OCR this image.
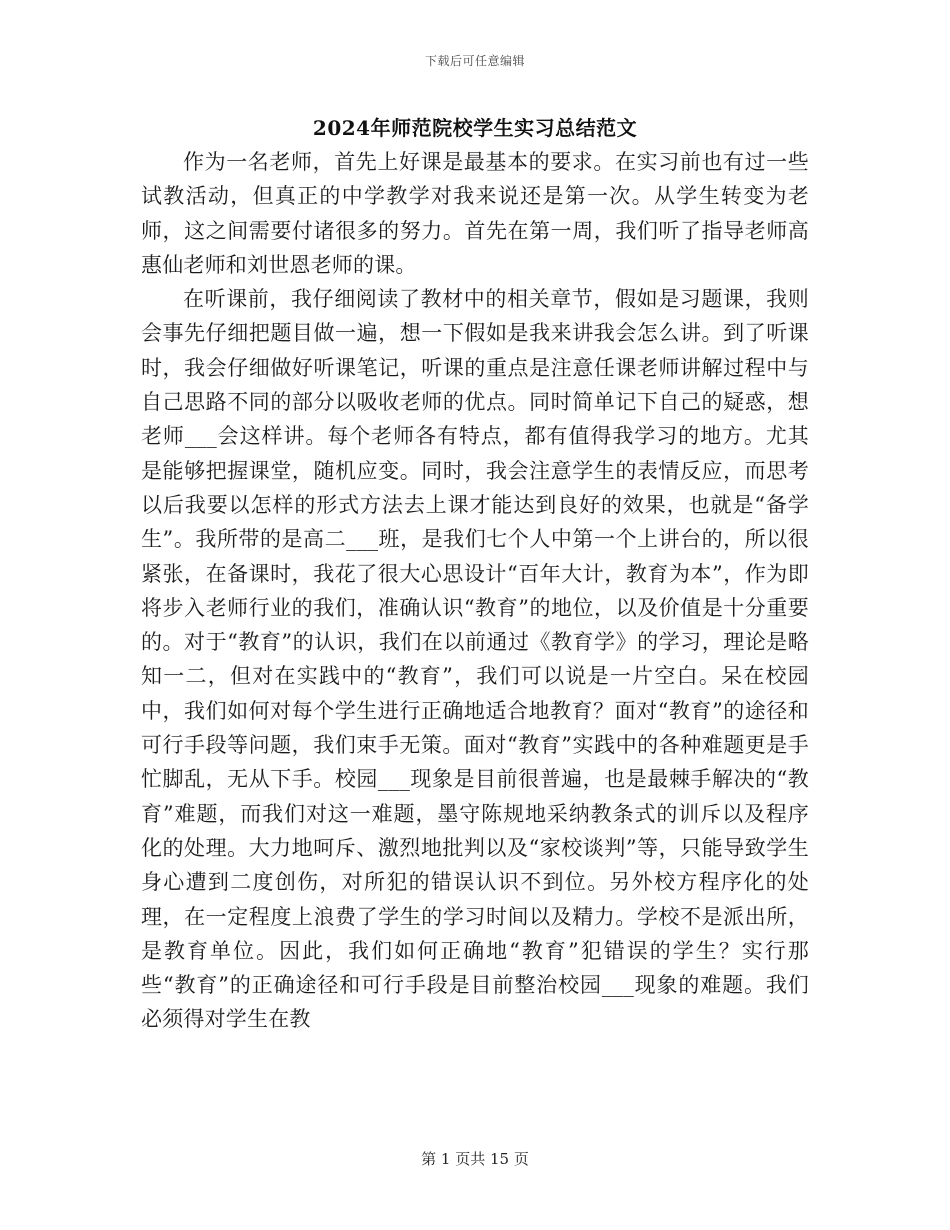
下载后可任意编辑
2024年师范院校学生实习总结范文

作为一名老师，首先上好课是最基本的要求。在实习前也有过一些试教活动，但真正的中学教学对我来说还是第一次。从学生转变为老师，这之间需要付诸很多的努力。首先在第一周，我们听了指导老师高惠仙老师和刘世恩老师的课。

在听课前，我仔细阅读了教材中的相关章节，假如是习题课，我则会事先仔细把题目做一遍，想一下假如是我来讲我会怎么讲。到了听课时，我会仔细做好听课笔记，听课的重点是注意任课老师讲解过程中与自己思路不同的部分以吸收老师的优点。同时简单记下自己的疑惑，想老师___会这样讲。每个老师各有特点，都有值得我学习的地方。尤其是能够把握课堂，随机应变。同时，我会注意学生的表情反应，而思考以后我要以怎样的形式方法去上课才能达到良好的效果，也就是“备学生”。我所带的是高二___班，是我们七个人中第一个上讲台的，所以很紧张，在备课时，我花了很大心思设计“百年大计，教育为本”，作为即将步入老师行业的我们，准确认识“教育”的地位，以及价值是十分重要的。对于“教育”的认识，我们在以前通过《教育学》的学习，理论是略知一二，但对在实践中的“教育”，我们可以说是一片空白。呆在校园中，我们如何对每个学生进行正确地适合地教育？面对“教育”的途径和可行手段等问题，我们束手无策。面对“教育”实践中的各种难题更是手忙脚乱，无从下手。校园___现象是目前很普遍，也是最棘手解决的“教育”难题，而我们对这一难题，墨守陈规地采纳教条式的训斥以及程序化的处理。大力地呵斥、激烈地批判以及“家校谈判”等，只能导致学生身心遭到二度创伤，对所犯的错误认识不到位。另外校方程序化的处理，在一定程度上浪费了学生的学习时间以及精力。学校不是派出所，是教育单位。因此，我们如何正确地“教育”犯错误的学生？实行那些“教育”的正确途径和可行手段是目前整治校园___现象的难题。我们必须得对学生在教

第 1 页共 15 页
